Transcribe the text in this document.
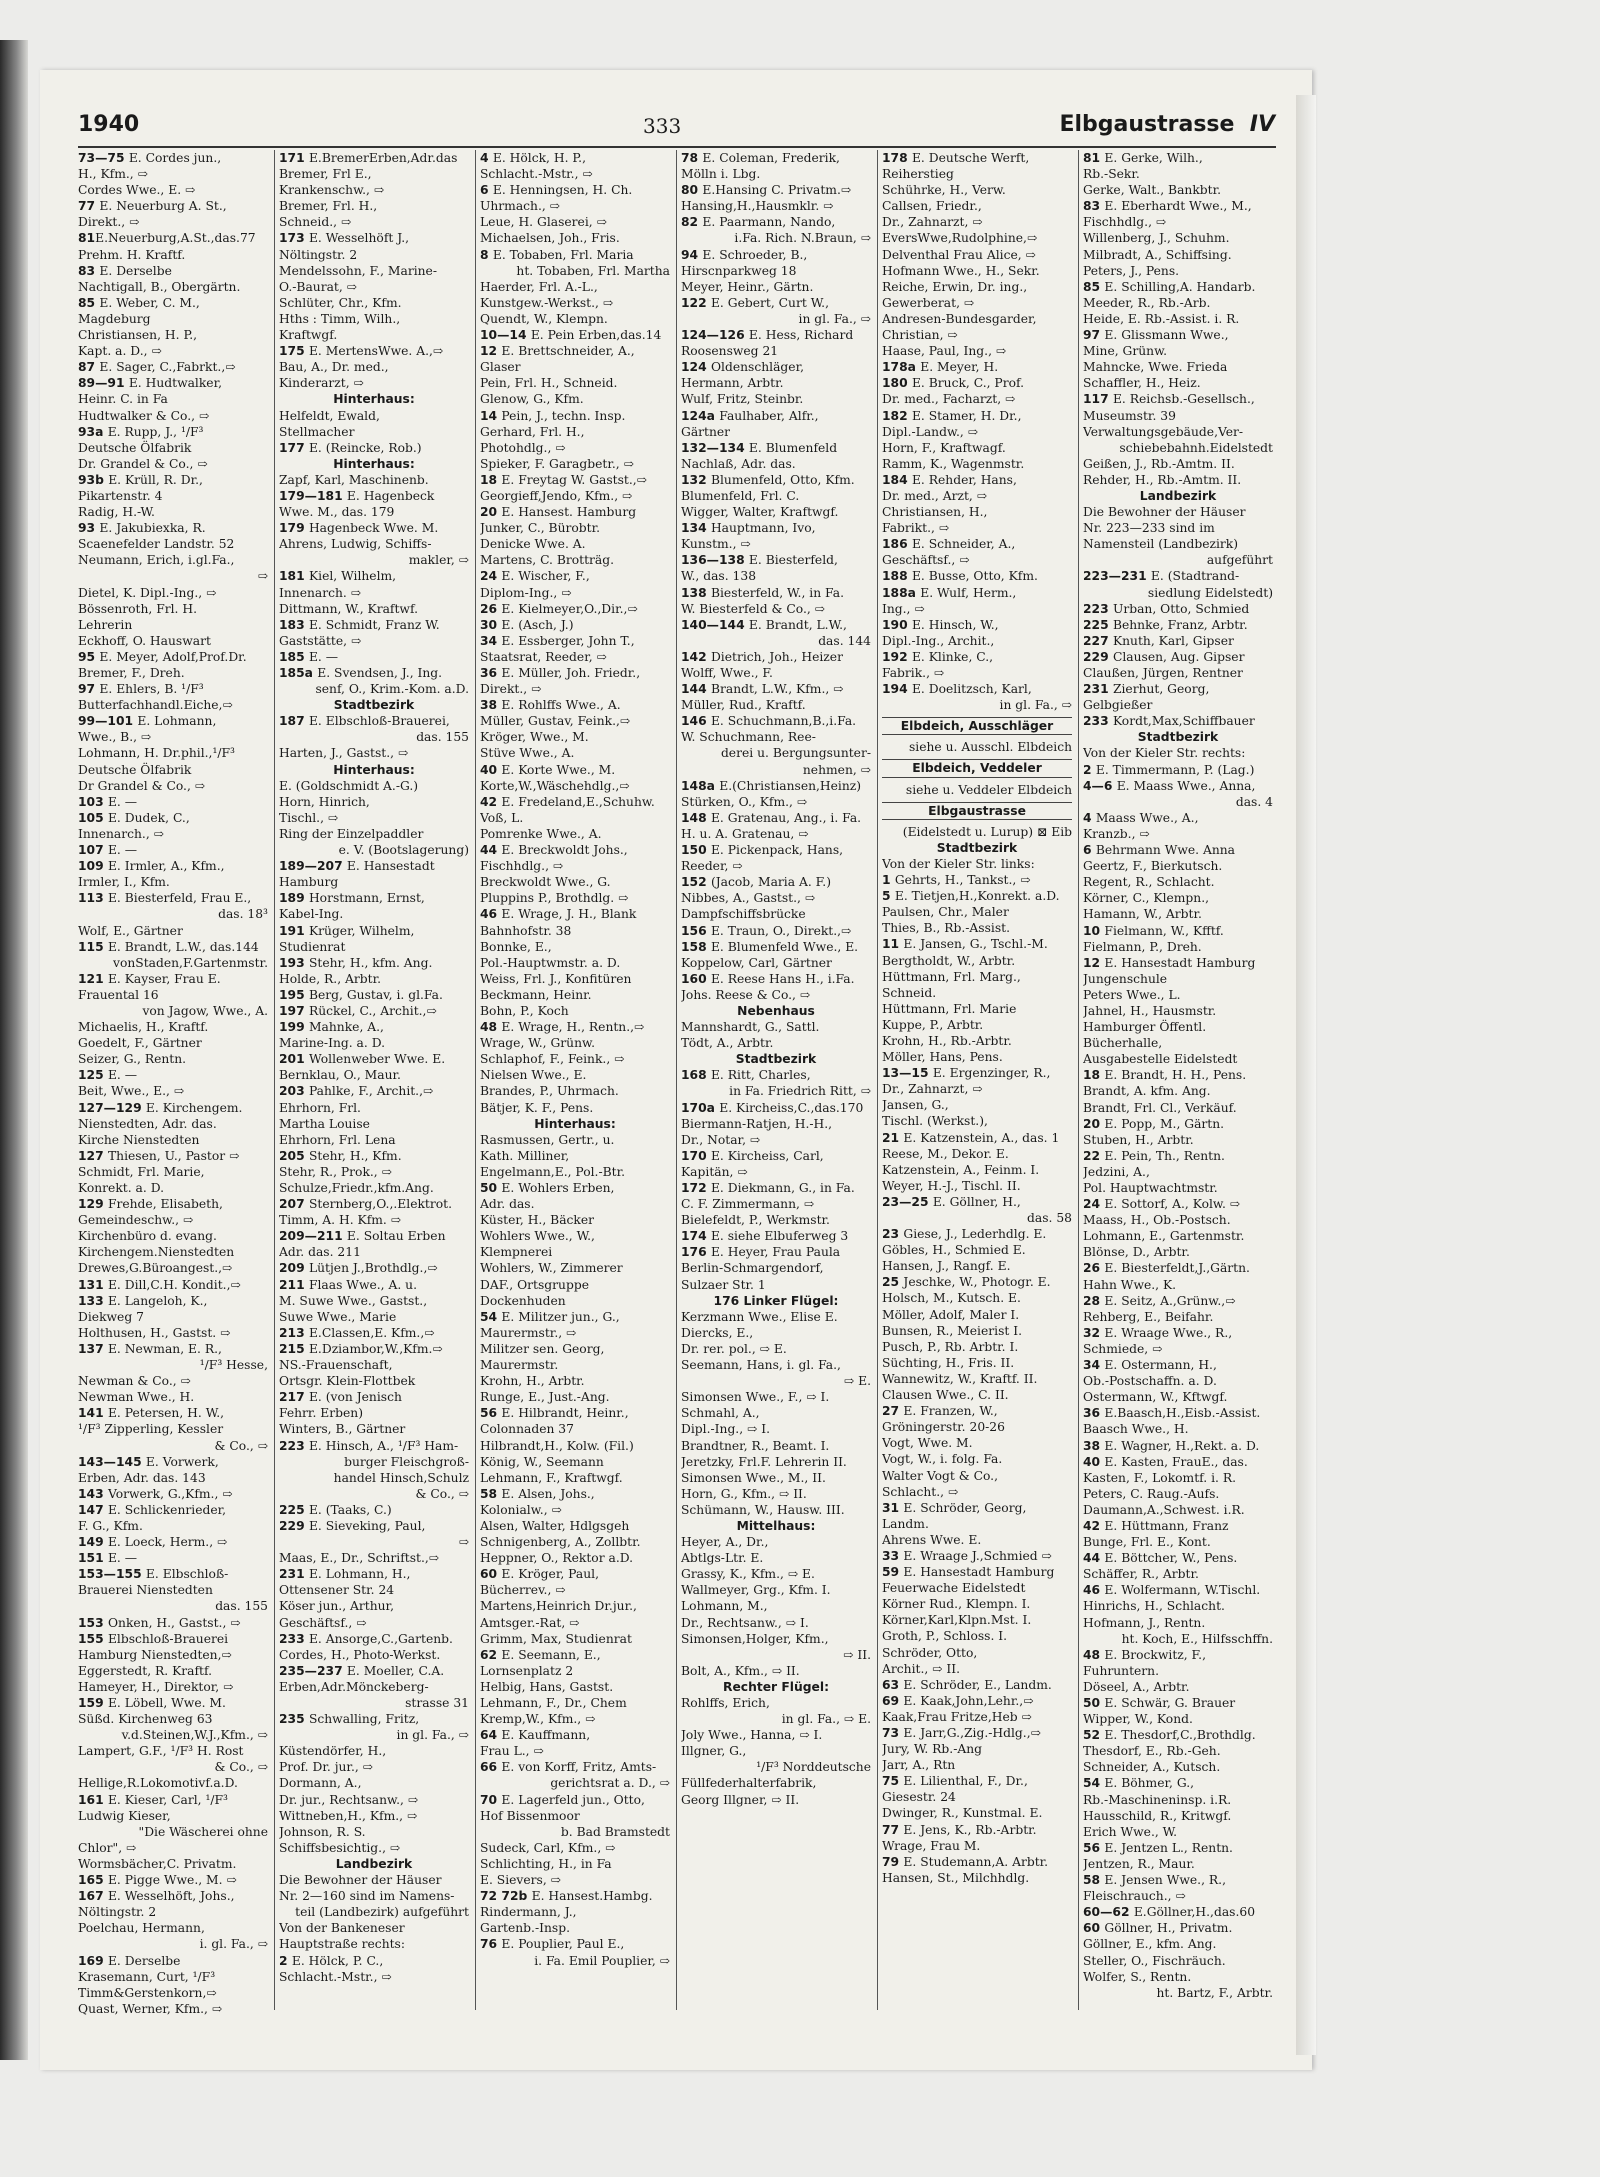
1940	333	Elbgaustrasse IV
73—75 E. Cordes jun.,
H., Kfm., ⇨
Cordes Wwe., E. ⇨
77 E. Neuerburg A. St.,
Direkt., ⇨
81E.Neuerburg,A.St.,das.77
Prehm. H. Kraftf.
83 E. Derselbe
Nachtigall, B., Obergärtn.
85 E. Weber, C. M.,
Magdeburg
Christiansen, H. P.,
Kapt. a. D., ⇨
87 E. Sager, C.,Fabrkt.,⇨
89—91 E. Hudtwalker,
Heinr. C. in Fa
Hudtwalker & Co., ⇨
93a E. Rupp, J., ¹/F³
Deutsche Ölfabrik
Dr. Grandel & Co., ⇨
93b E. Krüll, R. Dr.,
Pikartenstr. 4
Radig, H.-W.
93 E. Jakubiexka, R.
Scaenefelder Landstr. 52
Neumann, Erich, i.gl.Fa.,
⇨
Dietel, K. Dipl.-Ing., ⇨
Bössenroth, Frl. H.
Lehrerin
Eckhoff, O. Hauswart
95 E. Meyer, Adolf,Prof.Dr.
Bremer, F., Dreh.
97 E. Ehlers, B. ¹/F³
Butterfachhandl.Eiche,⇨
99—101 E. Lohmann,
Wwe., B., ⇨
Lohmann, H. Dr.phil.,¹/F³
Deutsche Ölfabrik
Dr Grandel & Co., ⇨
103 E. —
105 E. Dudek, C.,
Innenarch., ⇨
107 E. —
109 E. Irmler, A., Kfm.,
Irmler, I., Kfm.
113 E. Biesterfeld, Frau E.,
das. 18³
Wolf, E., Gärtner
115 E. Brandt, L.W., das.144
vonStaden,F.Gartenmstr.
121 E. Kayser, Frau E.
Frauental 16
von Jagow, Wwe., A.
Michaelis, H., Kraftf.
Goedelt, F., Gärtner
Seizer, G., Rentn.
125 E. —
Beit, Wwe., E., ⇨
127—129 E. Kirchengem.
Nienstedten, Adr. das.
Kirche Nienstedten
127 Thiesen, U., Pastor ⇨
Schmidt, Frl. Marie,
Konrekt. a. D.
129 Frehde, Elisabeth,
Gemeindeschw., ⇨
Kirchenbüro d. evang.
Kirchengem.Nienstedten
Drewes,G.Büroangest.,⇨
131 E. Dill,C.H. Kondit.,⇨
133 E. Langeloh, K.,
Diekweg 7
Holthusen, H., Gastst. ⇨
137 E. Newman, E. R.,
¹/F³ Hesse,
Newman & Co., ⇨
Newman Wwe., H.
141 E. Petersen, H. W.,
¹/F³ Zipperling, Kessler
& Co., ⇨
143—145 E. Vorwerk,
Erben, Adr. das. 143
143 Vorwerk, G.,Kfm., ⇨
147 E. Schlickenrieder,
F. G., Kfm.
149 E. Loeck, Herm., ⇨
151 E. —
153—155 E. Elbschloß-
Brauerei Nienstedten
das. 155
153 Onken, H., Gastst., ⇨
155 Elbschloß-Brauerei
Hamburg Nienstedten,⇨
Eggerstedt, R. Kraftf.
Hameyer, H., Direktor, ⇨
159 E. Löbell, Wwe. M.
Süßd. Kirchenweg 63
v.d.Steinen,W.J.,Kfm., ⇨
Lampert, G.F., ¹/F³ H. Rost
& Co., ⇨
Hellige,R.Lokomotivf.a.D.
161 E. Kieser, Carl, ¹/F³
Ludwig Kieser,
"Die Wäscherei ohne
Chlor", ⇨
Wormsbächer,C. Privatm.
165 E. Pigge Wwe., M. ⇨
167 E. Wesselhöft, Johs.,
Nöltingstr. 2
Poelchau, Hermann,
i. gl. Fa., ⇨
169 E. Derselbe
Krasemann, Curt, ¹/F³
Timm&Gerstenkorn,⇨
Quast, Werner, Kfm., ⇨
171 E.BremerErben,Adr.das
Bremer, Frl E.,
Krankenschw., ⇨
Bremer, Frl. H.,
Schneid., ⇨
173 E. Wesselhöft J.,
Nöltingstr. 2
Mendelssohn, F., Marine-
O.-Baurat, ⇨
Schlüter, Chr., Kfm.
Hths : Timm, Wilh.,
Kraftwgf.
175 E. MertensWwe. A.,⇨
Bau, A., Dr. med.,
Kinderarzt, ⇨
Hinterhaus:
Helfeldt, Ewald,
Stellmacher
177 E. (Reincke, Rob.)
Hinterhaus:
Zapf, Karl, Maschinenb.
179—181 E. Hagenbeck
Wwe. M., das. 179
179 Hagenbeck Wwe. M.
Ahrens, Ludwig, Schiffs-
makler, ⇨
181 Kiel, Wilhelm,
Innenarch. ⇨
Dittmann, W., Kraftwf.
183 E. Schmidt, Franz W.
Gaststätte, ⇨
185 E. —
185a E. Svendsen, J., Ing.
senf, O., Krim.-Kom. a.D.
Stadtbezirk
187 E. Elbschloß-Brauerei,
das. 155
Harten, J., Gastst., ⇨
Hinterhaus:
E. (Goldschmidt A.-G.)
Horn, Hinrich,
Tischl., ⇨
Ring der Einzelpaddler
e. V. (Bootslagerung)
189—207 E. Hansestadt
Hamburg
189 Horstmann, Ernst,
Kabel-Ing.
191 Krüger, Wilhelm,
Studienrat
193 Stehr, H., kfm. Ang.
Holde, R., Arbtr.
195 Berg, Gustav, i. gl.Fa.
197 Rückel, C., Archit.,⇨
199 Mahnke, A.,
Marine-Ing. a. D.
201 Wollenweber Wwe. E.
Bernklau, O., Maur.
203 Pahlke, F., Archit.,⇨
Ehrhorn, Frl.
Martha Louise
Ehrhorn, Frl. Lena
205 Stehr, H., Kfm.
Stehr, R., Prok., ⇨
Schulze,Friedr.,kfm.Ang.
207 Sternberg,O.,.Elektrot.
Timm, A. H. Kfm. ⇨
209—211 E. Soltau Erben
Adr. das. 211
209 Lütjen J.,Brothdlg.,⇨
211 Flaas Wwe., A. u.
M. Suwe Wwe., Gastst.,
Suwe Wwe., Marie
213 E.Classen,E. Kfm.,⇨
215 E.Dziambor,W.,Kfm.⇨
NS.-Frauenschaft,
Ortsgr. Klein-Flottbek
217 E. (von Jenisch
Fehrr. Erben)
Winters, B., Gärtner
223 E. Hinsch, A., ¹/F³ Ham-
burger Fleischgroß-
handel Hinsch,Schulz
& Co., ⇨
225 E. (Taaks, C.)
229 E. Sieveking, Paul,
⇨
Maas, E., Dr., Schriftst.,⇨
231 E. Lohmann, H.,
Ottensener Str. 24
Köser jun., Arthur,
Geschäftsf., ⇨
233 E. Ansorge,C.,Gartenb.
Cordes, H., Photo-Werkst.
235—237 E. Moeller, C.A.
Erben,Adr.Mönckeberg-
strasse 31
235 Schwalling, Fritz,
in gl. Fa., ⇨
Küstendörfer, H.,
Prof. Dr. jur., ⇨
Dormann, A.,
Dr. jur., Rechtsanw., ⇨
Wittneben,H., Kfm., ⇨
Johnson, R. S.
Schiffsbesichtig., ⇨
Landbezirk
Die Bewohner der Häuser
Nr. 2—160 sind im Namens-
teil (Landbezirk) aufgeführt
Von der Bankeneser
Hauptstraße rechts:
2 E. Hölck, P. C.,
Schlacht.-Mstr., ⇨
4 E. Hölck, H. P.,
Schlacht.-Mstr., ⇨
6 E. Henningsen, H. Ch.
Uhrmach., ⇨
Leue, H. Glaserei, ⇨
Michaelsen, Joh., Fris.
8 E. Tobaben, Frl. Maria
ht. Tobaben, Frl. Martha
Haerder, Frl. A.-L.,
Kunstgew.-Werkst., ⇨
Quendt, W., Klempn.
10—14 E. Pein Erben,das.14
12 E. Brettschneider, A.,
Glaser
Pein, Frl. H., Schneid.
Glenow, G., Kfm.
14 Pein, J., techn. Insp.
Gerhard, Frl. H.,
Photohdlg., ⇨
Spieker, F. Garagbetr., ⇨
18 E. Freytag W. Gastst.,⇨
Georgieff,Jendo, Kfm., ⇨
20 E. Hansest. Hamburg
Junker, C., Bürobtr.
Denicke Wwe. A.
Martens, C. Brotträg.
24 E. Wischer, F.,
Diplom-Ing., ⇨
26 E. Kielmeyer,O.,Dir.,⇨
30 E. (Asch, J.)
34 E. Essberger, John T.,
Staatsrat, Reeder, ⇨
36 E. Müller, Joh. Friedr.,
Direkt., ⇨
38 E. Rohlffs Wwe., A.
Müller, Gustav, Feink.,⇨
Kröger, Wwe., M.
Stüve Wwe., A.
40 E. Korte Wwe., M.
Korte,W.,Wäschehdlg.,⇨
42 E. Fredeland,E.,Schuhw.
Voß, L.
Pomrenke Wwe., A.
44 E. Breckwoldt Johs.,
Fischhdlg., ⇨
Breckwoldt Wwe., G.
Pluppins P., Brothdlg. ⇨
46 E. Wrage, J. H., Blank
Bahnhofstr. 38
Bonnke, E.,
Pol.-Hauptwmstr. a. D.
Weiss, Frl. J., Konfitüren
Beckmann, Heinr.
Bohn, P., Koch
48 E. Wrage, H., Rentn.,⇨
Wrage, W., Grünw.
Schlaphof, F., Feink., ⇨
Nielsen Wwe., E.
Brandes, P., Uhrmach.
Bätjer, K. F., Pens.
Hinterhaus:
Rasmussen, Gertr., u.
Kath. Milliner,
Engelmann,E., Pol.-Btr.
50 E. Wohlers Erben,
Adr. das.
Küster, H., Bäcker
Wohlers Wwe., W.,
Klempnerei
Wohlers, W., Zimmerer
DAF., Ortsgruppe
Dockenhuden
54 E. Militzer jun., G.,
Maurermstr., ⇨
Militzer sen. Georg,
Maurermstr.
Krohn, H., Arbtr.
Runge, E., Just.-Ang.
56 E. Hilbrandt, Heinr.,
Colonnaden 37
Hilbrandt,H., Kolw. (Fil.)
König, W., Seemann
Lehmann, F., Kraftwgf.
58 E. Alsen, Johs.,
Kolonialw., ⇨
Alsen, Walter, Hdlgsgeh
Schnigenberg, A., Zollbtr.
Heppner, O., Rektor a.D.
60 E. Kröger, Paul,
Bücherrev., ⇨
Martens,Heinrich Dr.jur.,
Amtsger.-Rat, ⇨
Grimm, Max, Studienrat
62 E. Seemann, E.,
Lornsenplatz 2
Helbig, Hans, Gastst.
Lehmann, F., Dr., Chem
Kremp,W., Kfm., ⇨
64 E. Kauffmann,
Frau L., ⇨
66 E. von Korff, Fritz, Amts-
gerichtsrat a. D., ⇨
70 E. Lagerfeld jun., Otto,
Hof Bissenmoor
b. Bad Bramstedt
Sudeck, Carl, Kfm., ⇨
Schlichting, H., in Fa
E. Sievers, ⇨
72 72b E. Hansest.Hambg.
Rindermann, J.,
Gartenb.-Insp.
76 E. Pouplier, Paul E.,
i. Fa. Emil Pouplier, ⇨
78 E. Coleman, Frederik,
Mölln i. Lbg.
80 E.Hansing C. Privatm.⇨
Hansing,H.,Hausmklr. ⇨
82 E. Paarmann, Nando,
i.Fa. Rich. N.Braun, ⇨
94 E. Schroeder, B.,
Hirscnparkweg 18
Meyer, Heinr., Gärtn.
122 E. Gebert, Curt W.,
in gl. Fa., ⇨
124—126 E. Hess, Richard
Roosensweg 21
124 Oldenschläger,
Hermann, Arbtr.
Wulf, Fritz, Steinbr.
124a Faulhaber, Alfr.,
Gärtner
132—134 E. Blumenfeld
Nachlaß, Adr. das.
132 Blumenfeld, Otto, Kfm.
Blumenfeld, Frl. C.
Wigger, Walter, Kraftwgf.
134 Hauptmann, Ivo,
Kunstm., ⇨
136—138 E. Biesterfeld,
W., das. 138
138 Biesterfeld, W., in Fa.
W. Biesterfeld & Co., ⇨
140—144 E. Brandt, L.W.,
das. 144
142 Dietrich, Joh., Heizer
Wolff, Wwe., F.
144 Brandt, L.W., Kfm., ⇨
Müller, Rud., Kraftf.
146 E. Schuchmann,B.,i.Fa.
W. Schuchmann, Ree-
derei u. Bergungsunter-
nehmen, ⇨
148a E.(Christiansen,Heinz)
Stürken, O., Kfm., ⇨
148 E. Gratenau, Ang., i. Fa.
H. u. A. Gratenau, ⇨
150 E. Pickenpack, Hans,
Reeder, ⇨
152 (Jacob, Maria A. F.)
Nibbes, A., Gastst., ⇨
Dampfschiffsbrücke
156 E. Traun, O., Direkt.,⇨
158 E. Blumenfeld Wwe., E.
Koppelow, Carl, Gärtner
160 E. Reese Hans H., i.Fa.
Johs. Reese & Co., ⇨
Nebenhaus
Mannshardt, G., Sattl.
Tödt, A., Arbtr.
Stadtbezirk
168 E. Ritt, Charles,
in Fa. Friedrich Ritt, ⇨
170a E. Kircheiss,C.,das.170
Biermann-Ratjen, H.-H.,
Dr., Notar, ⇨
170 E. Kircheiss, Carl,
Kapitän, ⇨
172 E. Diekmann, G., in Fa.
C. F. Zimmermann, ⇨
Bielefeldt, P., Werkmstr.
174 E. siehe Elbuferweg 3
176 E. Heyer, Frau Paula
Berlin-Schmargendorf,
Sulzaer Str. 1
176 Linker Flügel:
Kerzmann Wwe., Elise E.
Diercks, E.,
Dr. rer. pol., ⇨ E.
Seemann, Hans, i. gl. Fa.,
⇨ E.
Simonsen Wwe., F., ⇨ I.
Schmahl, A.,
Dipl.-Ing., ⇨ I.
Brandtner, R., Beamt. I.
Jeretzky, Frl.F. Lehrerin II.
Simonsen Wwe., M., II.
Horn, G., Kfm., ⇨ II.
Schümann, W., Hausw. III.
Mittelhaus:
Heyer, A., Dr.,
Abtlgs-Ltr. E.
Grassy, K., Kfm., ⇨ E.
Wallmeyer, Grg., Kfm. I.
Lohmann, M.,
Dr., Rechtsanw., ⇨ I.
Simonsen,Holger, Kfm.,
⇨ II.
Bolt, A., Kfm., ⇨ II.
Rechter Flügel:
Rohlffs, Erich,
in gl. Fa., ⇨ E.
Joly Wwe., Hanna, ⇨ I.
Illgner, G.,
¹/F³ Norddeutsche
Füllfederhalterfabrik,
Georg Illgner, ⇨ II.
178 E. Deutsche Werft,
Reiherstieg
Schührke, H., Verw.
Callsen, Friedr.,
Dr., Zahnarzt, ⇨
EversWwe,Rudolphine,⇨
Delventhal Frau Alice, ⇨
Hofmann Wwe., H., Sekr.
Reiche, Erwin, Dr. ing.,
Gewerberat, ⇨
Andresen-Bundesgarder,
Christian, ⇨
Haase, Paul, Ing., ⇨
178a E. Meyer, H.
180 E. Bruck, C., Prof.
Dr. med., Facharzt, ⇨
182 E. Stamer, H. Dr.,
Dipl.-Landw., ⇨
Horn, F., Kraftwagf.
Ramm, K., Wagenmstr.
184 E. Rehder, Hans,
Dr. med., Arzt, ⇨
Christiansen, H.,
Fabrikt., ⇨
186 E. Schneider, A.,
Geschäftsf., ⇨
188 E. Busse, Otto, Kfm.
188a E. Wulf, Herm.,
Ing., ⇨
190 E. Hinsch, W.,
Dipl.-Ing., Archit.,
192 E. Klinke, C.,
Fabrik., ⇨
194 E. Doelitzsch, Karl,
in gl. Fa., ⇨
Elbdeich, Ausschläger
siehe u. Ausschl. Elbdeich
Elbdeich, Veddeler
siehe u. Veddeler Elbdeich
Elbgaustrasse
(Eidelstedt u. Lurup) ⊠ Eib
Stadtbezirk
Von der Kieler Str. links:
1 Gehrts, H., Tankst., ⇨
5 E. Tietjen,H.,Konrekt. a.D.
Paulsen, Chr., Maler
Thies, B., Rb.-Assist.
11 E. Jansen, G., Tschl.-M.
Bergtholdt, W., Arbtr.
Hüttmann, Frl. Marg.,
Schneid.
Hüttmann, Frl. Marie
Kuppe, P., Arbtr.
Krohn, H., Rb.-Arbtr.
Möller, Hans, Pens.
13—15 E. Ergenzinger, R.,
Dr., Zahnarzt, ⇨
Jansen, G.,
Tischl. (Werkst.),
21 E. Katzenstein, A., das. 1
Reese, M., Dekor. E.
Katzenstein, A., Feinm. I.
Weyer, H.-J., Tischl. II.
23—25 E. Göllner, H.,
das. 58
23 Giese, J., Lederhdlg. E.
Göbles, H., Schmied E.
Hansen, J., Rangf. E.
25 Jeschke, W., Photogr. E.
Holsch, M., Kutsch. E.
Möller, Adolf, Maler I.
Bunsen, R., Meierist I.
Pusch, P., Rb. Arbtr. I.
Süchting, H., Fris. II.
Wannewitz, W., Kraftf. II.
Clausen Wwe., C. II.
27 E. Franzen, W.,
Gröningerstr. 20-26
Vogt, Wwe. M.
Vogt, W., i. folg. Fa.
Walter Vogt & Co.,
Schlacht., ⇨
31 E. Schröder, Georg,
Landm.
Ahrens Wwe. E.
33 E. Wraage J.,Schmied ⇨
59 E. Hansestadt Hamburg
Feuerwache Eidelstedt
Körner Rud., Klempn. I.
Körner,Karl,Klpn.Mst. I.
Groth, P., Schloss. I.
Schröder, Otto,
Archit., ⇨ II.
63 E. Schröder, E., Landm.
69 E. Kaak,John,Lehr.,⇨
Kaak,Frau Fritze,Heb ⇨
73 E. Jarr,G.,Zig.-Hdlg.,⇨
Jury, W. Rb.-Ang
Jarr, A., Rtn
75 E. Lilienthal, F., Dr.,
Giesestr. 24
Dwinger, R., Kunstmal. E.
77 E. Jens, K., Rb.-Arbtr.
Wrage, Frau M.
79 E. Studemann,A. Arbtr.
Hansen, St., Milchhdlg.
81 E. Gerke, Wilh.,
Rb.-Sekr.
Gerke, Walt., Bankbtr.
83 E. Eberhardt Wwe., M.,
Fischhdlg., ⇨
Willenberg, J., Schuhm.
Milbradt, A., Schiffsing.
Peters, J., Pens.
85 E. Schilling,A. Handarb.
Meeder, R., Rb.-Arb.
Heide, E. Rb.-Assist. i. R.
97 E. Glissmann Wwe.,
Mine, Grünw.
Mahncke, Wwe. Frieda
Schaffler, H., Heiz.
117 E. Reichsb.-Gesellsch.,
Museumstr. 39
Verwaltungsgebäude,Ver-
schiebebahnh.Eidelstedt
Geißen, J., Rb.-Amtm. II.
Rehder, H., Rb.-Amtm. II.
Landbezirk
Die Bewohner der Häuser
Nr. 223—233 sind im
Namensteil (Landbezirk)
aufgeführt
223—231 E. (Stadtrand-
siedlung Eidelstedt)
223 Urban, Otto, Schmied
225 Behnke, Franz, Arbtr.
227 Knuth, Karl, Gipser
229 Clausen, Aug. Gipser
Claußen, Jürgen, Rentner
231 Zierhut, Georg,
Gelbgießer
233 Kordt,Max,Schiffbauer
Stadtbezirk
Von der Kieler Str. rechts:
2 E. Timmermann, P. (Lag.)
4—6 E. Maass Wwe., Anna,
das. 4
4 Maass Wwe., A.,
Kranzb., ⇨
6 Behrmann Wwe. Anna
Geertz, F., Bierkutsch.
Regent, R., Schlacht.
Körner, C., Klempn.,
Hamann, W., Arbtr.
10 Fielmann, W., Kfftf.
Fielmann, P., Dreh.
12 E. Hansestadt Hamburg
Jungenschule
Peters Wwe., L.
Jahnel, H., Hausmstr.
Hamburger Öffentl.
Bücherhalle,
Ausgabestelle Eidelstedt
18 E. Brandt, H. H., Pens.
Brandt, A. kfm. Ang.
Brandt, Frl. Cl., Verkäuf.
20 E. Popp, M., Gärtn.
Stuben, H., Arbtr.
22 E. Pein, Th., Rentn.
Jedzini, A.,
Pol. Hauptwachtmstr.
24 E. Sottorf, A., Kolw. ⇨
Maass, H., Ob.-Postsch.
Lohmann, E., Gartenmstr.
Blönse, D., Arbtr.
26 E. Biesterfeldt,J.,Gärtn.
Hahn Wwe., K.
28 E. Seitz, A.,Grünw.,⇨
Rehberg, E., Beifahr.
32 E. Wraage Wwe., R.,
Schmiede, ⇨
34 E. Ostermann, H.,
Ob.-Postschaffn. a. D.
Ostermann, W., Kftwgf.
36 E.Baasch,H.,Eisb.-Assist.
Baasch Wwe., H.
38 E. Wagner, H.,Rekt. a. D.
40 E. Kasten, FrauE., das.
Kasten, F., Lokomtf. i. R.
Peters, C. Raug.-Aufs.
Daumann,A.,Schwest. i.R.
42 E. Hüttmann, Franz
Bunge, Frl. E., Kont.
44 E. Böttcher, W., Pens.
Schäffer, R., Arbtr.
46 E. Wolfermann, W.Tischl.
Hinrichs, H., Schlacht.
Hofmann, J., Rentn.
ht. Koch, E., Hilfsschffn.
48 E. Brockwitz, F.,
Fuhruntern.
Döseel, A., Arbtr.
50 E. Schwär, G. Brauer
Wipper, W., Kond.
52 E. Thesdorf,C.,Brothdlg.
Thesdorf, E., Rb.-Geh.
Schneider, A., Kutsch.
54 E. Böhmer, G.,
Rb.-Maschineninsp. i.R.
Hausschild, R., Kritwgf.
Erich Wwe., W.
56 E. Jentzen L., Rentn.
Jentzen, R., Maur.
58 E. Jensen Wwe., R.,
Fleischrauch., ⇨
60—62 E.Göllner,H.,das.60
60 Göllner, H., Privatm.
Göllner, E., kfm. Ang.
Steller, O., Fischräuch.
Wolfer, S., Rentn.
ht. Bartz, F., Arbtr.
